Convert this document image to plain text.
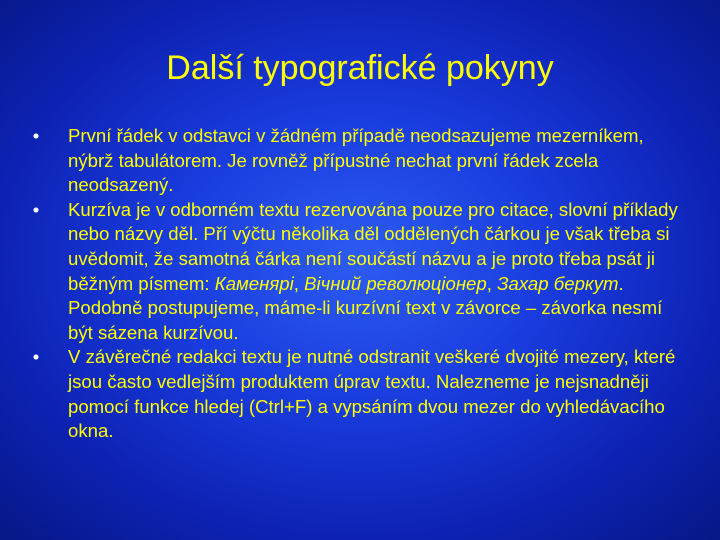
Další typografické pokyny
• První řádek v odstavci v žádném případě neodsazujeme mezerníkem, nýbrž tabulátorem. Je rovněž přípustné nechat první řádek zcela neodsazený.
• Kurzíva je v odborném textu rezervována pouze pro citace, slovní příklady nebo názvy děl. Pří výčtu několika děl oddělených čárkou je však třeba si uvědomit, že samotná čárka není součástí názvu a je proto třeba psát ji běžným písmem: Каменярі, Вічний революціонер, Захар беркут. Podobně postupujeme, máme-li kurzívní text v závorce – závorka nesmí být sázena kurzívou.
• V závěrečné redakci textu je nutné odstranit veškeré dvojité mezery, které jsou často vedlejším produktem úprav textu. Nalezneme je nejsnadněji pomocí funkce hledej (Ctrl+F) a vypsáním dvou mezer do vyhledávacího okna.
